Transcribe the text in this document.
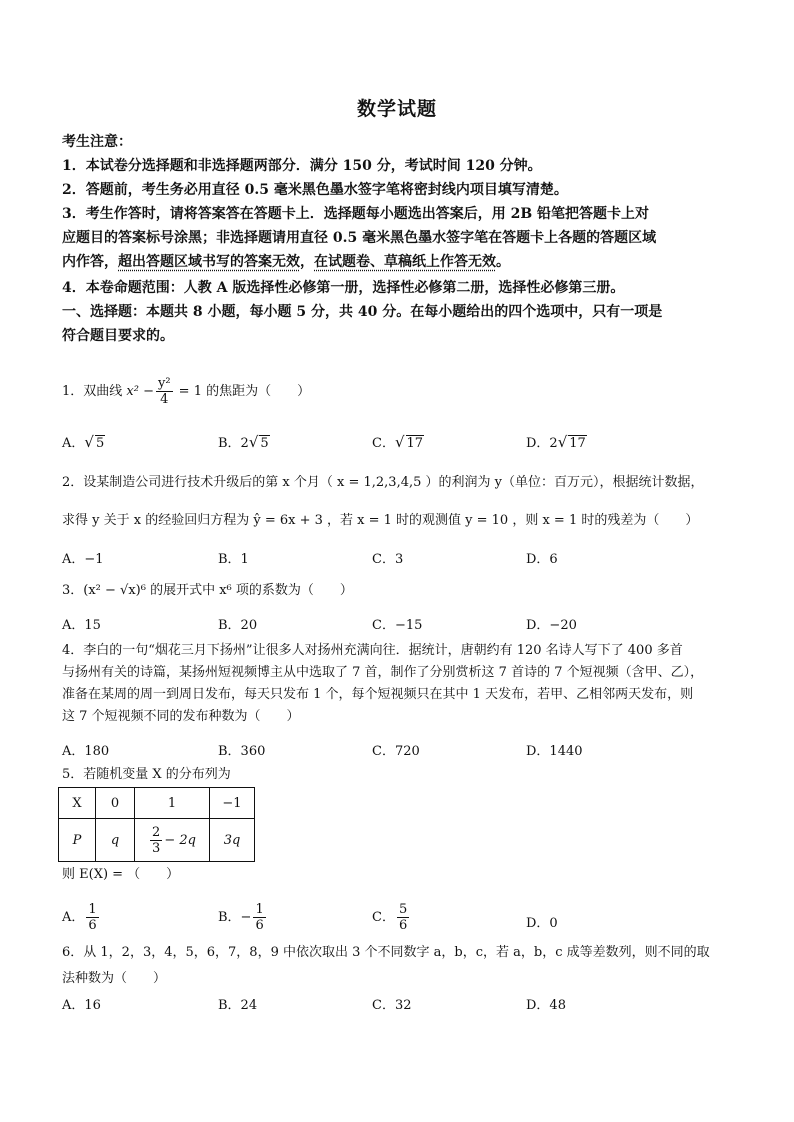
数学试题

考生注意：

1．本试卷分选择题和非选择题两部分．满分 150 分，考试时间 120 分钟。

2．答题前，考生务必用直径 0.5 毫米黑色墨水签字笔将密封线内项目填写清楚。

3．考生作答时，请将答案答在答题卡上．选择题每小题选出答案后，用 2B 铅笔把答题卡上对

应题目的答案标号涂黑；非选择题请用直径 0.5 毫米黑色墨水签字笔在答题卡上各题的答题区域

内作答，超出答题区域书写的答案无效，在试题卷、草稿纸上作答无效。

4．本卷命题范围：人教 A 版选择性必修第一册，选择性必修第二册，选择性必修第三册。

一、选择题：本题共 8 小题，每小题 5 分，共 40 分。在每小题给出的四个选项中，只有一项是

符合题目要求的。

1．双曲线 $x^2 - \frac{\text{y²}}{4} = 1$ 的焦距为（　　）
A．√ 5	B．2√ 5	C．√ 17	D．2√ 17
2．设某制造公司进行技术升级后的第 x 个月（ x = 1,2,3,4,5 ）的利润为 y（单位：百万元），根据统计数据，
求得 y 关于 x 的经验回归方程为 ŷ = 6x + 3 ，若 x = 1 时的观测值 y = 10 ，则 x = 1 时的残差为（　　）
A．−1	B．1	C．3	D．6
3．(x² − √x)⁶ 的展开式中 x⁶ 项的系数为（　　）
A．15	B．20	C．−15	D．−20
4．李白的一句“烟花三月下扬州”让很多人对扬州充满向往．据统计，唐朝约有 120 名诗人写下了 400 多首
与扬州有关的诗篇，某扬州短视频博主从中选取了 7 首，制作了分别赏析这 7 首诗的 7 个短视频（含甲、乙），
准备在某周的周一到周日发布，每天只发布 1 个，每个短视频只在其中 1 天发布，若甲、乙相邻两天发布，则
这 7 个短视频不同的发布种数为（　　）
A．180	B．360	C．720	D．1440
5．若随机变量 X 的分布列为
X	0	1	−1
P	q	$\frac{2}{3} - 2q$	3q
则 E(X) = （　　）
A． $\frac{1}{6}$	B．− $\frac{1}{6}$	C． $\frac{5}{6}$	D．0
6．从 1，2，3，4，5，6，7，8，9 中依次取出 3 个不同数字 a，b，c，若 a，b，c 成等差数列，则不同的取
法种数为（　　）
A．16	B．24	C．32	D．48
